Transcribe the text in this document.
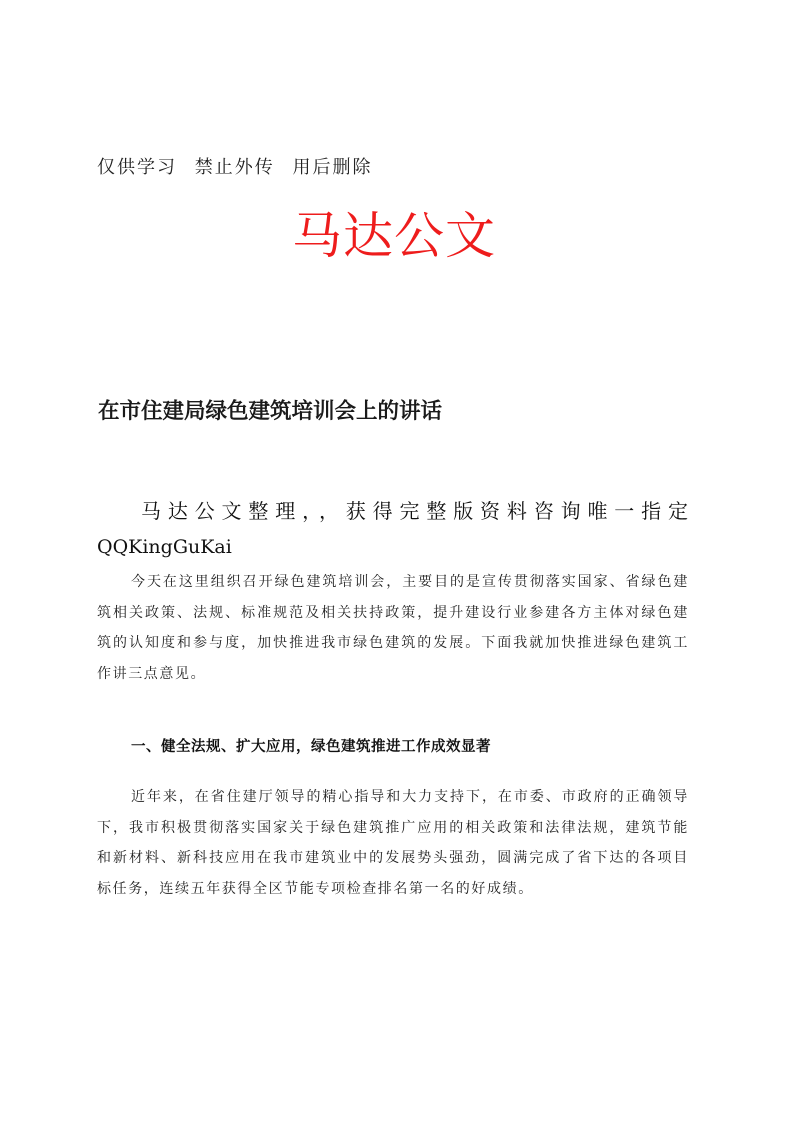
仅供学习 禁止外传 用后删除
马达公文
在市住建局绿色建筑培训会上的讲话
马达公文整理，，获得完整版资料咨询唯一指定
QQKingGuKai

今天在这里组织召开绿色建筑培训会，主要目的是宣传贯彻落实国家、省绿色建筑相关政策、法规、标准规范及相关扶持政策，提升建设行业参建各方主体对绿色建筑的认知度和参与度，加快推进我市绿色建筑的发展。下面我就加快推进绿色建筑工作讲三点意见。

一、健全法规、扩大应用，绿色建筑推进工作成效显著

近年来，在省住建厅领导的精心指导和大力支持下，在市委、市政府的正确领导下，我市积极贯彻落实国家关于绿色建筑推广应用的相关政策和法律法规，建筑节能和新材料、新科技应用在我市建筑业中的发展势头强劲，圆满完成了省下达的各项目标任务，连续五年获得全区节能专项检查排名第一名的好成绩。
